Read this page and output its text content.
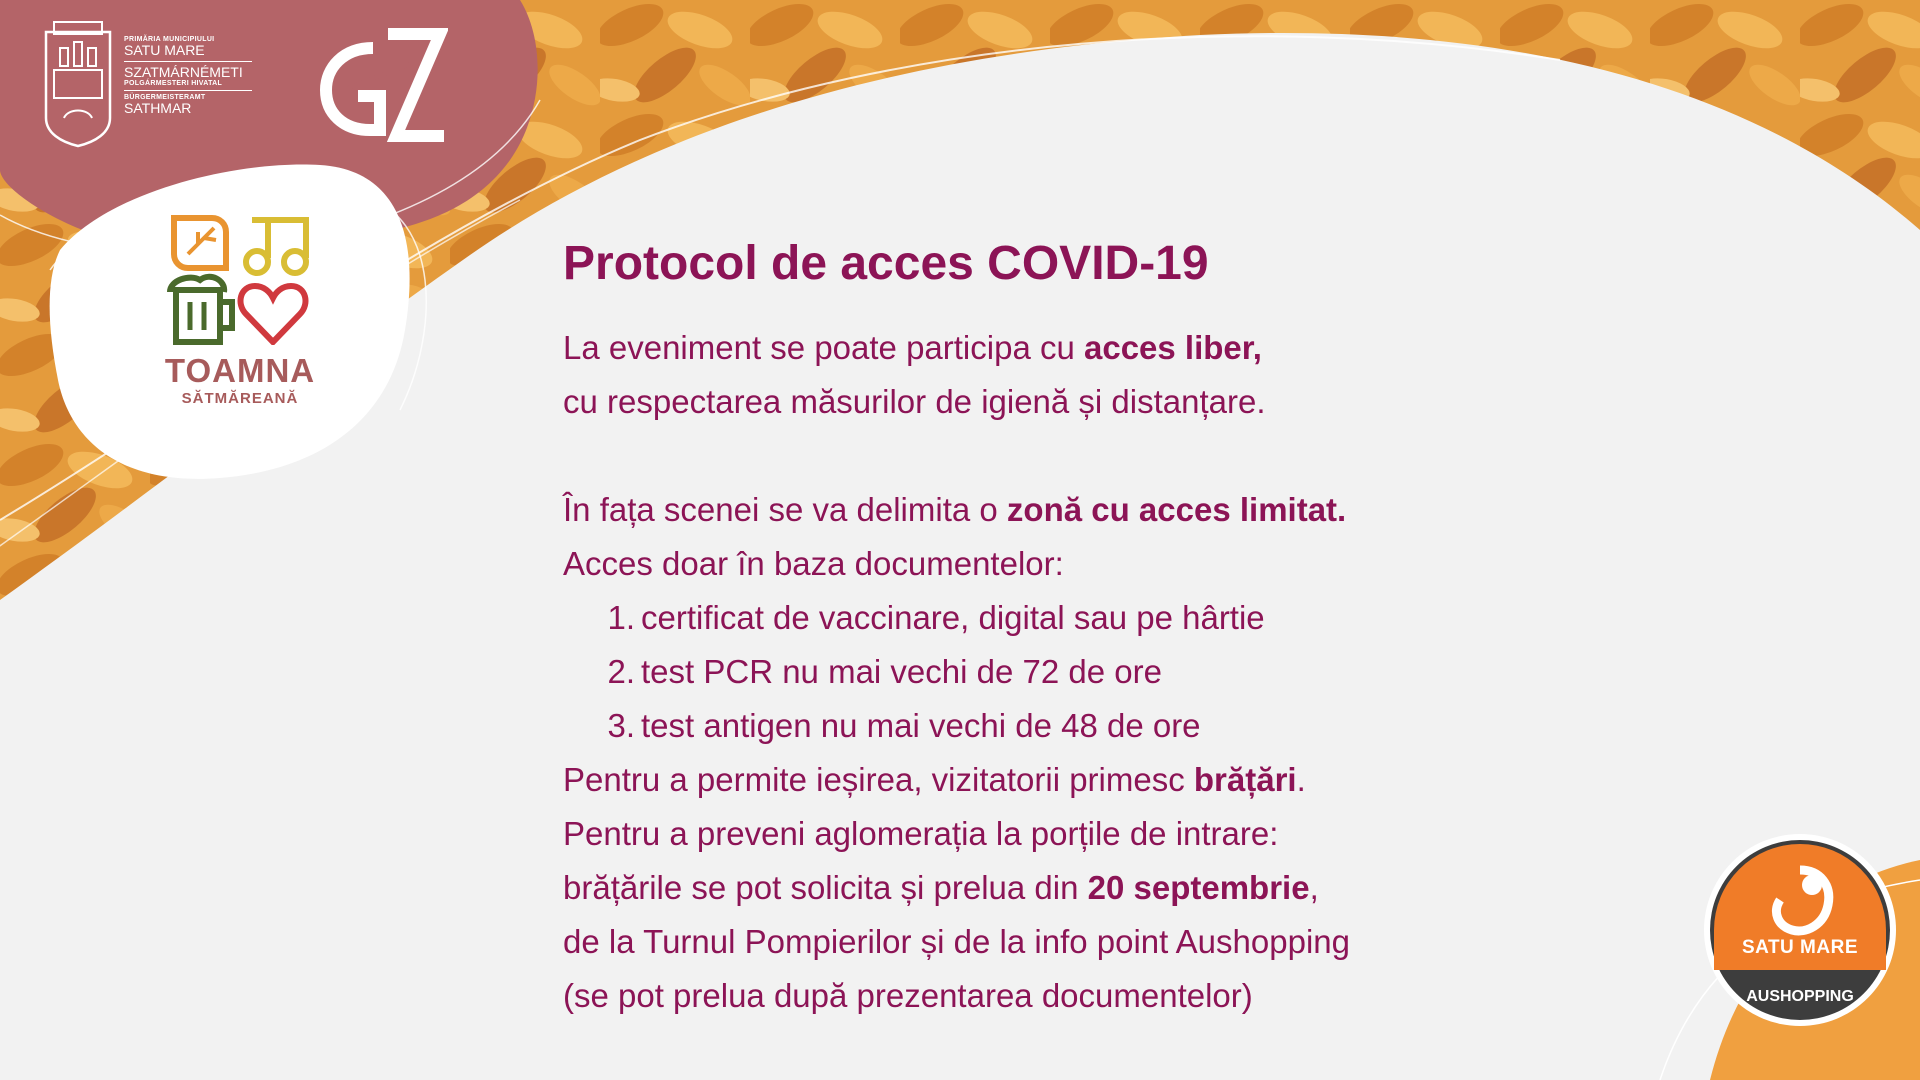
PRIMĂRIA MUNICIPIULUI
SATU MARE
SZATMÁRNÉMETI
POLGÁRMESTERI HIVATAL
BÜRGERMEISTERAMT
SATHMAR
TOAMNA
SĂTMĂREANĂ
Protocol de acces COVID-19
La eveniment se poate participa cu acces liber,
cu respectarea măsurilor de igienă și distanțare.
În fața scenei se va delimita o zonă cu acces limitat.
Acces doar în baza documentelor:
1. certificat de vaccinare, digital sau pe hârtie
2. test PCR nu mai vechi de 72 de ore
3. test antigen nu mai vechi de 48 de ore
Pentru a permite ieșirea, vizitatorii primesc brățări.
Pentru a preveni aglomerația la porțile de intrare:
brățările se pot solicita și prelua din 20 septembrie,
de la Turnul Pompierilor și de la info point Aushopping
(se pot prelua după prezentarea documentelor)
SATU MARE
AUSHOPPING
